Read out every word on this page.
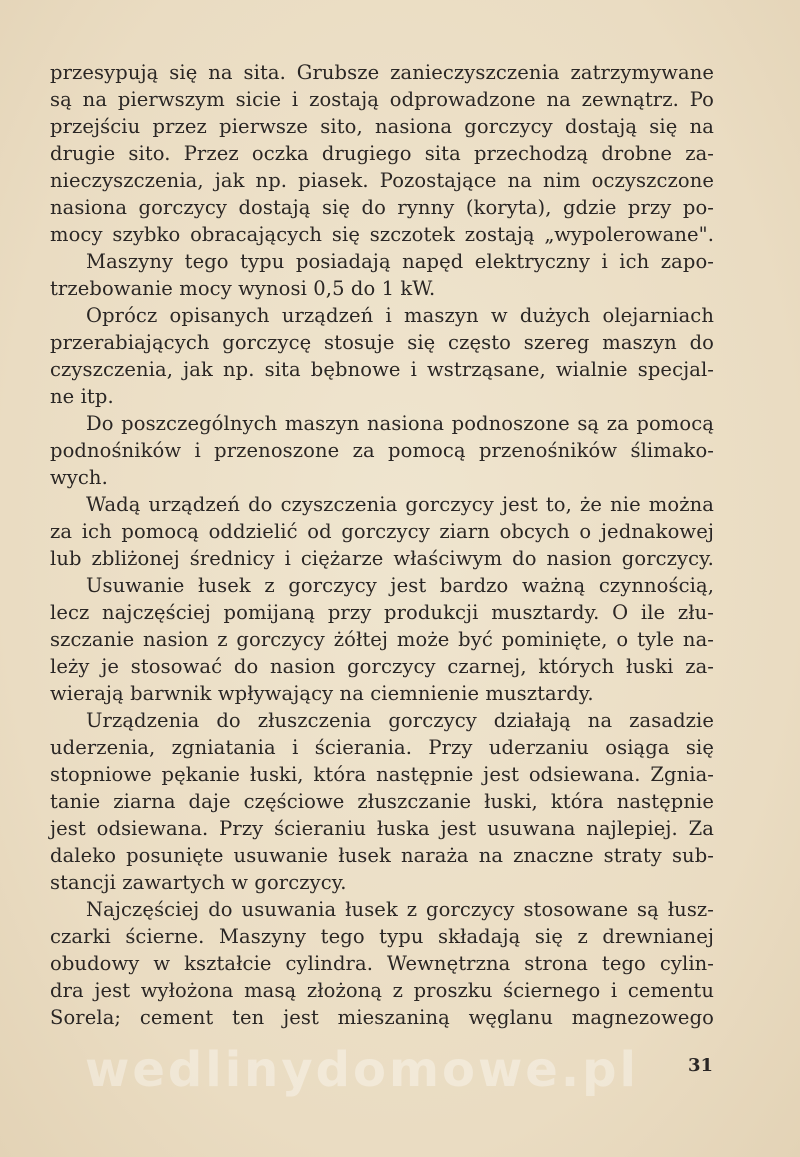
wedlinydomowe.pl
przesypują się na sita. Grubsze zanieczyszczenia zatrzymywane
są na pierwszym sicie i zostają odprowadzone na zewnątrz. Po
przejściu przez pierwsze sito, nasiona gorczycy dostają się na
drugie sito. Przez oczka drugiego sita przechodzą drobne za-
nieczyszczenia, jak np. piasek. Pozostające na nim oczyszczone
nasiona gorczycy dostają się do rynny (koryta), gdzie przy po-
mocy szybko obracających się szczotek zostają „wypolerowane".
Maszyny tego typu posiadają napęd elektryczny i ich zapo-
trzebowanie mocy wynosi 0,5 do 1 kW.
Oprócz opisanych urządzeń i maszyn w dużych olejarniach
przerabiających gorczycę stosuje się często szereg maszyn do
czyszczenia, jak np. sita bębnowe i wstrząsane, wialnie specjal-
ne itp.
Do poszczególnych maszyn nasiona podnoszone są za pomocą
podnośników i przenoszone za pomocą przenośników ślimako-
wych.
Wadą urządzeń do czyszczenia gorczycy jest to, że nie można
za ich pomocą oddzielić od gorczycy ziarn obcych o jednakowej
lub zbliżonej średnicy i ciężarze właściwym do nasion gorczycy.
Usuwanie łusek z gorczycy jest bardzo ważną czynnością,
lecz najczęściej pomijaną przy produkcji musztardy. O ile złu-
szczanie nasion z gorczycy żółtej może być pominięte, o tyle na-
leży je stosować do nasion gorczycy czarnej, których łuski za-
wierają barwnik wpływający na ciemnienie musztardy.
Urządzenia do złuszczenia gorczycy działają na zasadzie
uderzenia, zgniatania i ścierania. Przy uderzaniu osiąga się
stopniowe pękanie łuski, która następnie jest odsiewana. Zgnia-
tanie ziarna daje częściowe złuszczanie łuski, która następnie
jest odsiewana. Przy ścieraniu łuska jest usuwana najlepiej. Za
daleko posunięte usuwanie łusek naraża na znaczne straty sub-
stancji zawartych w gorczycy.
Najczęściej do usuwania łusek z gorczycy stosowane są łusz-
czarki ścierne. Maszyny tego typu składają się z drewnianej
obudowy w kształcie cylindra. Wewnętrzna strona tego cylin-
dra jest wyłożona masą złożoną z proszku ściernego i cementu
Sorela; cement ten jest mieszaniną węglanu magnezowego
31
